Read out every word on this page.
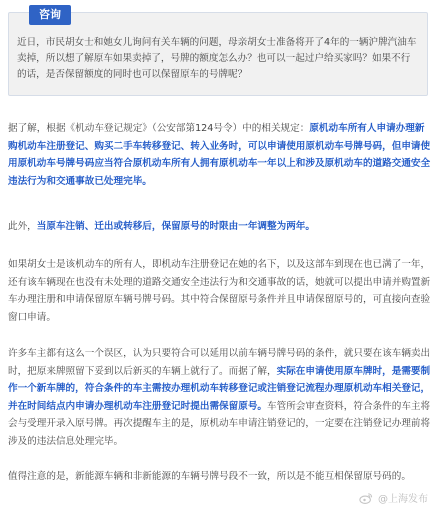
咨询
近日，市民胡女士和她女儿询问有关车辆的问题，母亲胡女士准备将开了4年的一辆沪牌汽油车卖掉，所以想了解原车如果卖掉了，号牌的额度怎么办？也可以一起过户给买家吗？如果不行的话，是否保留额度的同时也可以保留原车的号牌呢？
据了解，根据《机动车登记规定》（公安部第124号令）中的相关规定：原机动车所有人申请办理新购机动车注册登记、购买二手车转移登记、转入业务时，可以申请使用原机动车号牌号码，但申请使用原机动车号牌号码应当符合原机动车所有人拥有原机动车一年以上和涉及原机动车的道路交通安全违法行为和交通事故已处理完毕。
此外，当原车注销、迁出或转移后，保留原号的时限由一年调整为两年。
如果胡女士是该机动车的所有人，即机动车注册登记在她的名下，以及这部车到现在也已满了一年，还有该车辆现在也没有未处理的道路交通安全违法行为和交通事故的话，她就可以提出申请并购置新车办理注册和申请保留原车辆号牌号码。其中符合保留原号条件并且申请保留原号的，可直接向查验窗口申请。
许多车主都有这么一个误区，认为只要符合可以延用以前车辆号牌号码的条件，就只要在该车辆卖出时，把原来牌照留下妥到以后新买的车辆上就行了。而据了解，实际在申请使用原车牌时，是需要制作一个新车牌的，符合条件的车主需按办理机动车转移登记或注销登记流程办理原机动车相关登记，并在时间结点内申请办理机动车注册登记时提出需保留原号。车管所会审查资料，符合条件的车主将会与受理开录入原号牌。再次提醒车主的是，原机动车申请注销登记的，一定要在注销登记办理前将涉及的违法信息处理完毕。
值得注意的是，新能源车辆和非新能源的车辆号牌号段不一致，所以是不能互相保留原号码的。
@上海发布
